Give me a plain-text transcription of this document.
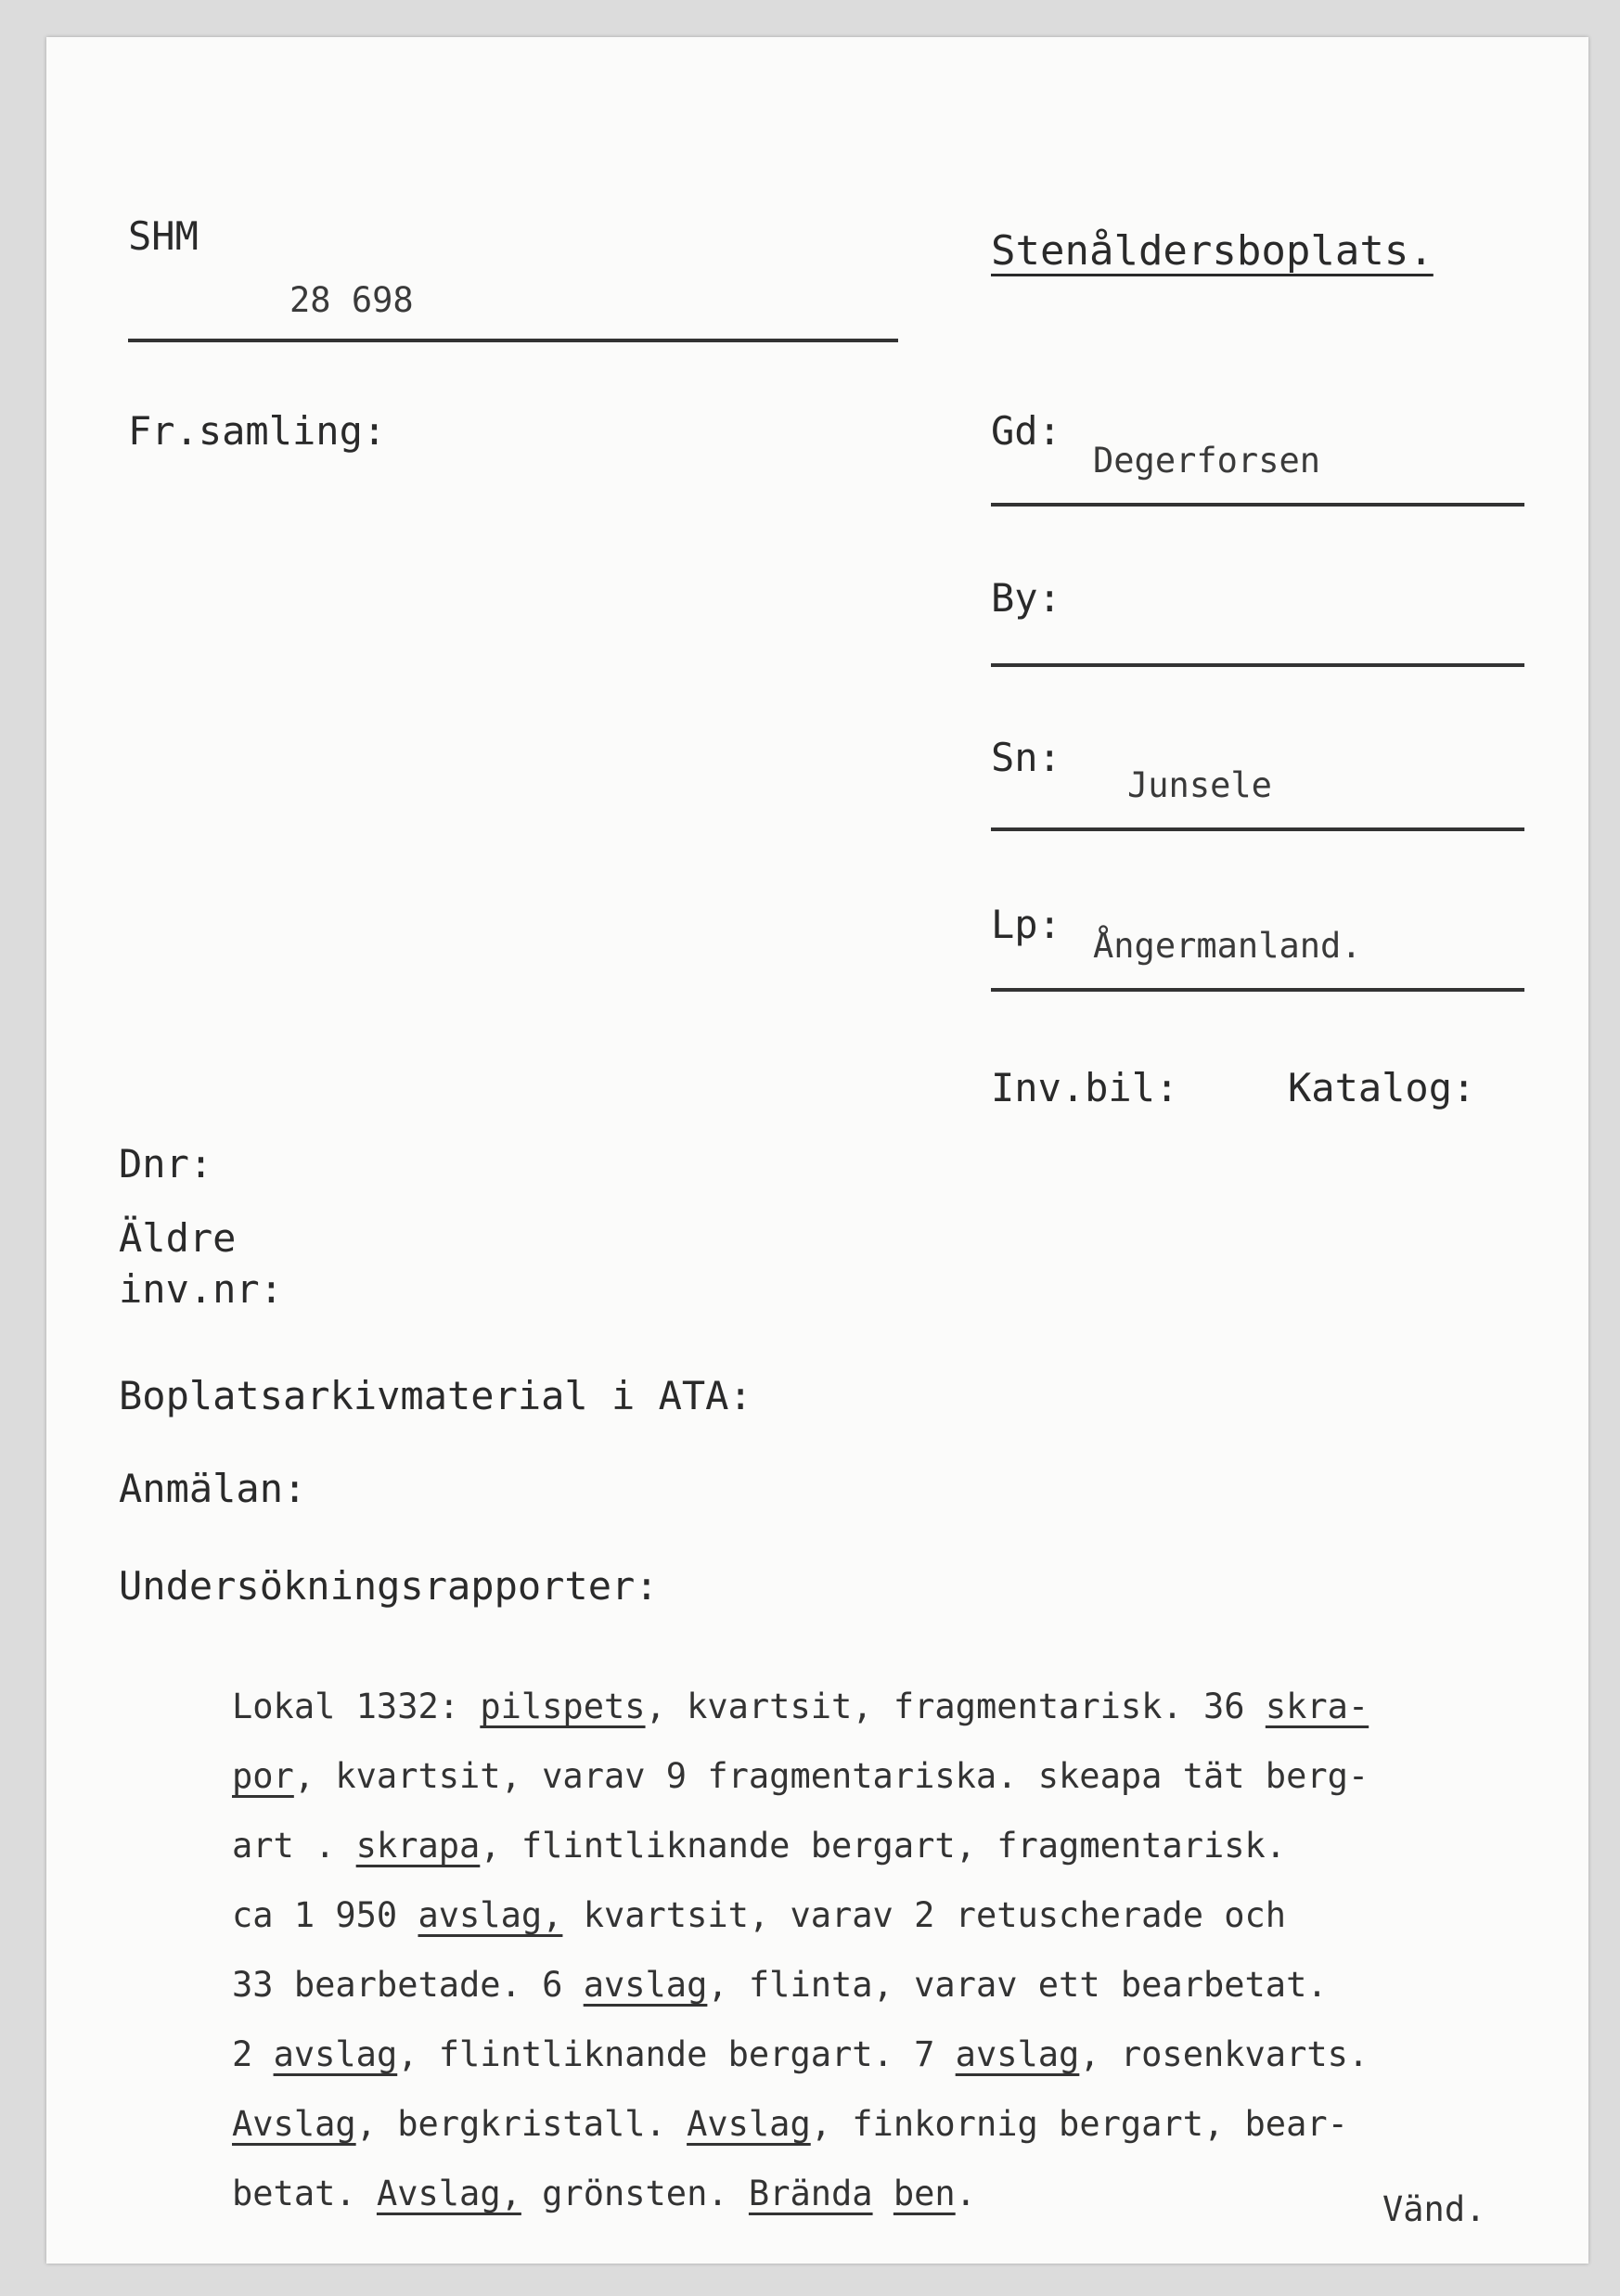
SHM
28 698
Stenåldersboplats.
Fr.samling:	Gd:
Degerforsen
By:
Sn:
Junsele
Lp: Ångermanland.
Inv.bil:	Katalog:
Dnr:
Äldre
inv.nr:
Boplatsarkivmaterial i ATA:
Anmälan:
Undersökningsrapporter:
Lokal 1332: pilspets, kvartsit, fragmentarisk. 36 skra-
por, kvartsit, varav 9 fragmentariska. skeapa tät berg-
art . skrapa, flintliknande bergart, fragmentarisk.
ca 1 950 avslag, kvartsit, varav 2 retuscherade och
33 bearbetade. 6 avslag, flinta, varav ett bearbetat.
2 avslag, flintliknande bergart. 7 avslag, rosenkvarts.
Avslag, bergkristall. Avslag, finkornig bergart, bear-
betat. Avslag, grönsten. Brända ben.	Vänd.
